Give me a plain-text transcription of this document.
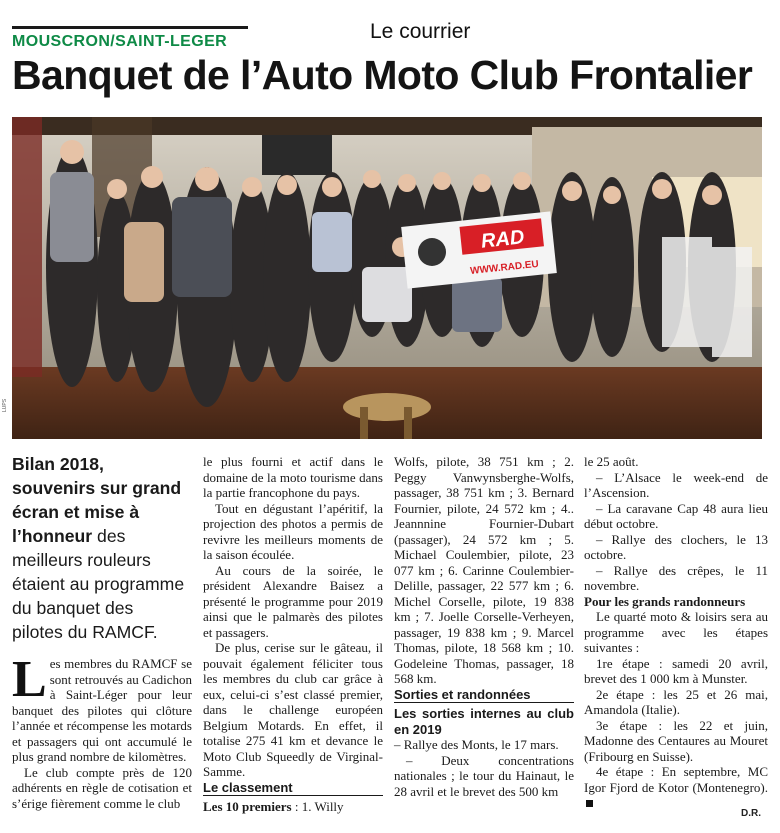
MOUSCRON/SAINT-LEGER	Le courrier
Banquet de l’Auto Moto Club Frontalier
RAD
WWW.RAD.EU
LUPS
Bilan 2018, souvenirs sur grand écran et mise à l’honneur des meilleurs rouleurs étaient au programme du banquet des pilotes du RAMCF.

Les membres du RAMCF se sont retrouvés au Cadichon à Saint-Léger pour leur banquet des pilotes qui clôture l’année et récompense les motards et passagers qui ont accumulé le plus grand nombre de kilomètres.

Le club compte près de 120 adhérents en règle de cotisation et s’érige fièrement comme le club

le plus fourni et actif dans le domaine de la moto tourisme dans la partie francophone du pays.

Tout en dégustant l’apéritif, la projection des photos a permis de revivre les meilleurs moments de la saison écoulée.

Au cours de la soirée, le président Alexandre Baisez a présenté le programme pour 2019 ainsi que le palmarès des pilotes et passagers.

De plus, cerise sur le gâteau, il pouvait également féliciter tous les membres du club car grâce à eux, celui-ci s’est classé premier, dans le challenge européen Belgium Motards. En effet, il totalise 275 41 km et devance le Moto Club Squeedly de Virginal-Samme.

Le classement

Les 10 premiers : 1. Willy

Wolfs, pilote, 38 751 km ; 2. Peggy Vanwynsberghe-Wolfs, passager, 38 751 km ; 3. Bernard Fournier, pilote, 24 572 km ; 4.. Jeannnine Fournier-Dubart (passager), 24 572 km ; 5. Michael Coulembier, pilote, 23 077 km ; 6. Carinne Coulembier-Delille, passager, 22 577 km ; 6. Michel Corselle, pilote, 19 838 km ; 7. Joelle Corselle-Verheyen, passager, 19 838 km ; 9. Marcel Thomas, pilote, 18 568 km ; 10. Godeleine Thomas, passager, 18 568 km.

Sorties et randonnées

Les sorties internes au club en 2019

– Rallye des Monts, le 17 mars.

– Deux concentrations nationales ; le tour du Hainaut, le 28 avril et le brevet des 500 km

le 25 août.

– L’Alsace le week-end de l’Ascension.

– La caravane Cap 48 aura lieu début octobre.

– Rallye des clochers, le 13 octobre.

– Rallye des crêpes, le 11 novembre.

Pour les grands randonneurs

Le quarté moto & loisirs sera au programme avec les étapes suivantes :

1re étape : samedi 20 avril, brevet des 1 000 km à Munster.

2e étape : les 25 et 26 mai, Amandola (Italie).

3e étape : les 22 et juin, Madonne des Centaures au Mouret (Fribourg en Suisse).

4e étape : En septembre, MC Igor Fjord de Kotor (Montenegro).

D.R.
